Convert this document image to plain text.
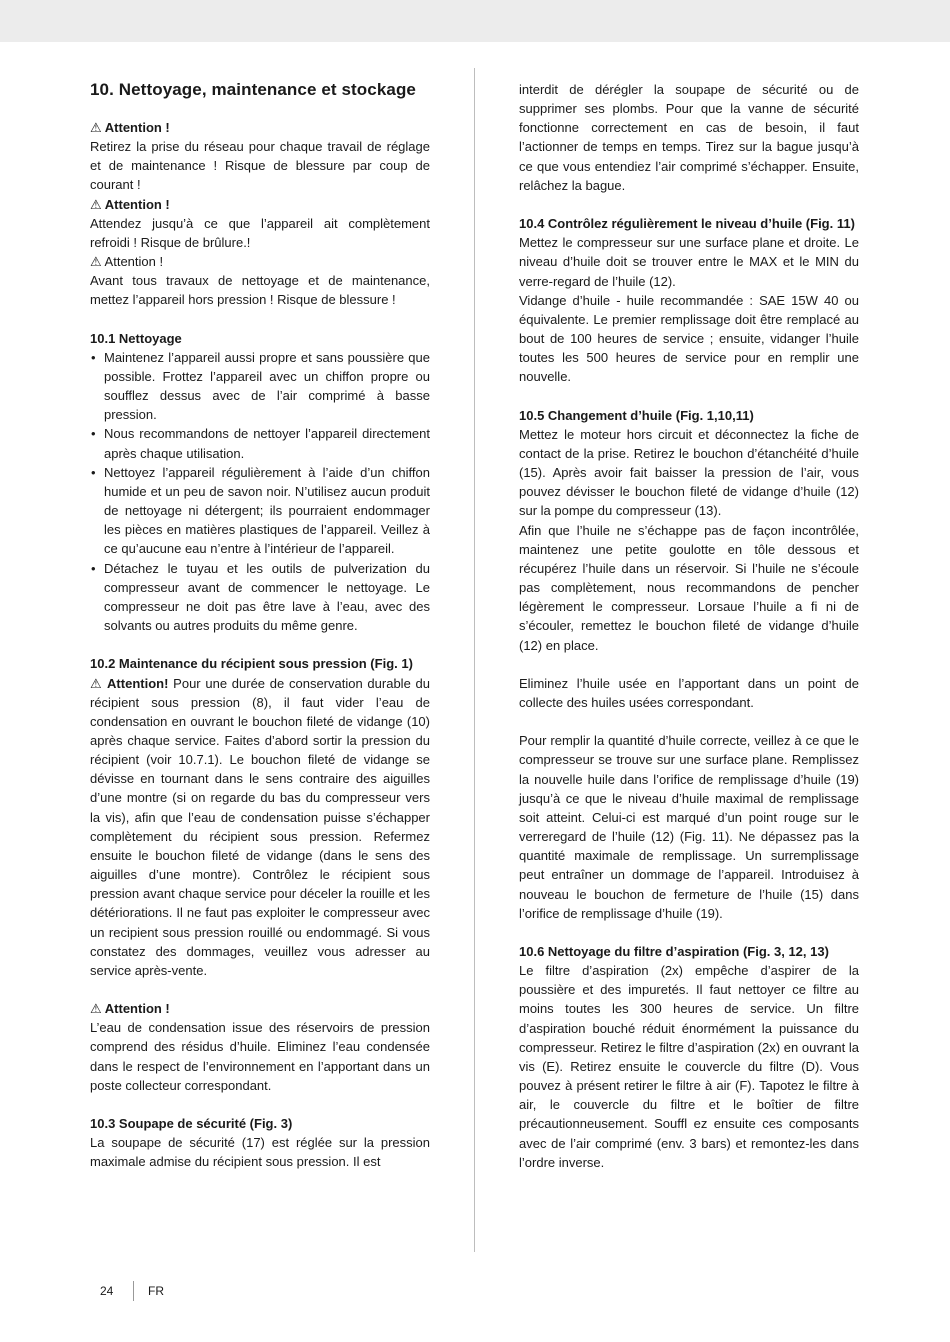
10. Nettoyage, maintenance et stockage

⚠ Attention !

Retirez la prise du réseau pour chaque travail de réglage et de maintenance ! Risque de blessure par coup de courant !

⚠ Attention !

Attendez jusqu’à ce que l’appareil ait complètement refroidi ! Risque de brûlure.!

⚠ Attention !

Avant tous travaux de nettoyage et de maintenance, mettez l’appareil hors pression ! Risque de blessure !

10.1 Nettoyage
• Maintenez l’appareil aussi propre et sans poussière que possible. Frottez l’appareil avec un chiffon propre ou soufflez dessus avec de l’air comprimé à basse pression.
• Nous recommandons de nettoyer l’appareil directement après chaque utilisation.
• Nettoyez l’appareil régulièrement à l’aide d’un chiffon humide et un peu de savon noir. N’utilisez aucun produit de nettoyage ni détergent; ils pourraient endommager les pièces en matières plastiques de l’appareil. Veillez à ce qu’aucune eau n’entre à l’intérieur de l’appareil.
• Détachez le tuyau et les outils de pulverization du compresseur avant de commencer le nettoyage. Le compresseur ne doit pas être lave à l’eau, avec des solvants ou autres produits du même genre.
10.2 Maintenance du récipient sous pression (Fig. 1)

⚠ Attention! Pour une durée de conservation durable du récipient sous pression (8), il faut vider l’eau de condensation en ouvrant le bouchon fileté de vidange (10) après chaque service. Faites d’abord sortir la pression du récipient (voir 10.7.1). Le bouchon fileté de vidange se dévisse en tournant dans le sens contraire des aiguilles d’une montre (si on regarde du bas du compresseur vers la vis), afin que l’eau de condensation puisse s’échapper complètement du récipient sous pression. Refermez ensuite le bouchon fileté de vidange (dans le sens des aiguilles d’une montre). Contrôlez le récipient sous pression avant chaque service pour déceler la rouille et les détériorations. Il ne faut pas exploiter le compresseur avec un recipient sous pression rouillé ou endommagé. Si vous constatez des dommages, veuillez vous adresser au service après-vente.

⚠ Attention !

L’eau de condensation issue des réservoirs de pression comprend des résidus d’huile. Eliminez l’eau condensée dans le respect de l’environnement en l’apportant dans un poste collecteur correspondant.

10.3 Soupape de sécurité (Fig. 3)

La soupape de sécurité (17) est réglée sur la pression maximale admise du récipient sous pression. Il est

interdit de dérégler la soupape de sécurité ou de supprimer ses plombs. Pour que la vanne de sécurité fonctionne correctement en cas de besoin, il faut l’actionner de temps en temps. Tirez sur la bague jusqu’à ce que vous entendiez l’air comprimé s’échapper. Ensuite, relâchez la bague.

10.4 Contrôlez régulièrement le niveau d’huile (Fig. 11)

Mettez le compresseur sur une surface plane et droite. Le niveau d’huile doit se trouver entre le MAX et le MIN du verre-regard de l’huile (12).

Vidange d’huile - huile recommandée : SAE 15W 40 ou équivalente. Le premier remplissage doit être remplacé au bout de 100 heures de service ; ensuite, vidanger l’huile toutes les 500 heures de service pour en remplir une nouvelle.

10.5 Changement d’huile (Fig. 1,10,11)

Mettez le moteur hors circuit et déconnectez la fiche de contact de la prise. Retirez le bouchon d’étanchéité d’huile (15). Après avoir fait baisser la pression de l’air, vous pouvez dévisser le bouchon fileté de vidange d’huile (12) sur la pompe du compresseur (13).

Afin que l’huile ne s’échappe pas de façon incontrôlée, maintenez une petite goulotte en tôle dessous et récupérez l’huile dans un réservoir. Si l’huile ne s’écoule pas complètement, nous recommandons de pencher légèrement le compresseur. Lorsaue l’huile a fi ni de s’écouler, remettez le bouchon fileté de vidange d’huile (12) en place.

Eliminez l’huile usée en l’apportant dans un point de collecte des huiles usées correspondant.

Pour remplir la quantité d’huile correcte, veillez à ce que le compresseur se trouve sur une surface plane. Remplissez la nouvelle huile dans l’orifice de remplissage d’huile (19) jusqu’à ce que le niveau d’huile maximal de remplissage soit atteint. Celui-ci est marqué d’un point rouge sur le verreregard de l’huile (12) (Fig. 11). Ne dépassez pas la quantité maximale de remplissage. Un surremplissage peut entraîner un dommage de l’appareil. Introduisez à nouveau le bouchon de fermeture de l’huile (15) dans l’orifice de remplissage d’huile (19).

10.6 Nettoyage du filtre d’aspiration (Fig. 3, 12, 13)

Le filtre d’aspiration (2x) empêche d’aspirer de la poussière et des impuretés. Il faut nettoyer ce filtre au moins toutes les 300 heures de service. Un filtre d’aspiration bouché réduit énormément la puissance du compresseur. Retirez le filtre d’aspiration (2x) en ouvrant la vis (E). Retirez ensuite le couvercle du filtre (D). Vous pouvez à présent retirer le filtre à air (F). Tapotez le filtre à air, le couvercle du filtre et le boîtier de filtre précautionneusement. Souffl ez ensuite ces composants avec de l’air comprimé (env. 3 bars) et remontez-les dans l’ordre inverse.

24	FR
